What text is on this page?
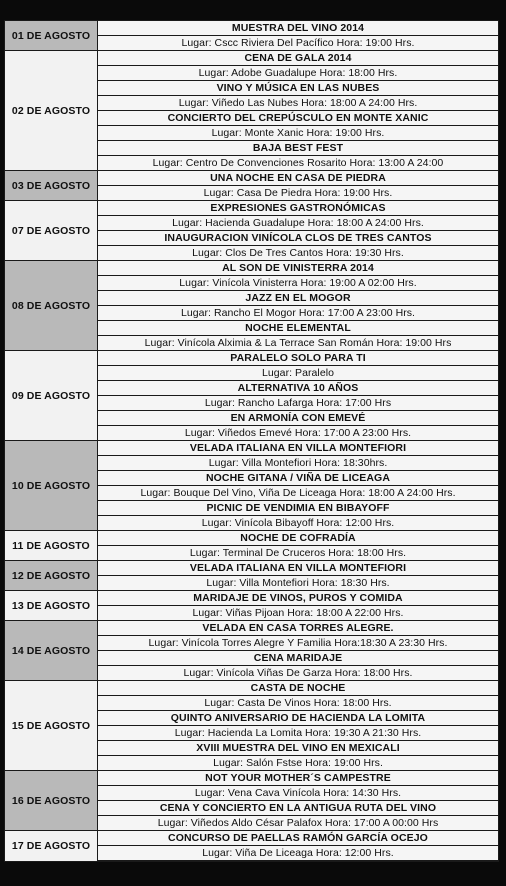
01 DE AGOSTO	MUESTRA DEL VINO 2014
	Lugar: Cscc Riviera Del Pacífico Hora: 19:00 Hrs.
02 DE AGOSTO	CENA DE GALA 2014
	Lugar: Adobe Guadalupe Hora: 18:00 Hrs.
	VINO Y MÚSICA EN LAS NUBES
	Lugar: Viñedo Las Nubes Hora: 18:00 A 24:00 Hrs.
	CONCIERTO DEL CREPÚSCULO EN MONTE XANIC
	Lugar: Monte Xanic Hora: 19:00 Hrs.
	BAJA BEST FEST
	Lugar: Centro De Convenciones Rosarito Hora: 13:00 A 24:00
03 DE AGOSTO	UNA NOCHE EN CASA DE PIEDRA
	Lugar: Casa De Piedra Hora: 19:00 Hrs.
07 DE AGOSTO	EXPRESIONES GASTRONÓMICAS
	Lugar: Hacienda Guadalupe Hora: 18:00 A 24:00 Hrs.
	INAUGURACION VINÍCOLA CLOS DE TRES CANTOS
	Lugar: Clos De Tres Cantos Hora: 19:30 Hrs.
08 DE AGOSTO	AL SON DE VINISTERRA 2014
	Lugar: Vinícola Vinisterra Hora: 19:00 A 02:00 Hrs.
	JAZZ EN EL MOGOR
	Lugar: Rancho El Mogor Hora: 17:00 A 23:00 Hrs.
	NOCHE ELEMENTAL
	Lugar: Vinícola Alximia & La Terrace San Román Hora: 19:00 Hrs
09 DE AGOSTO	PARALELO SOLO PARA TI
	Lugar: Paralelo
	ALTERNATIVA 10 AÑOS
	Lugar: Rancho Lafarga Hora: 17:00 Hrs
	EN ARMONÍA CON EMEVÉ
	Lugar: Viñedos Emevé Hora: 17:00 A 23:00 Hrs.
10 DE AGOSTO	VELADA ITALIANA EN VILLA MONTEFIORI
	Lugar: Villa Montefiori Hora: 18:30hrs.
	NOCHE GITANA / VIÑA DE LICEAGA
	Lugar: Bouque Del Vino, Viña De Liceaga Hora: 18:00 A 24:00 Hrs.
	PICNIC DE VENDIMIA EN BIBAYOFF
	Lugar: Vinícola Bibayoff Hora: 12:00 Hrs.
11 DE AGOSTO	NOCHE DE COFRADÍA
	Lugar: Terminal De Cruceros Hora: 18:00 Hrs.
12 DE AGOSTO	VELADA ITALIANA EN VILLA MONTEFIORI
	Lugar: Villa Montefiori Hora: 18:30 Hrs.
13 DE AGOSTO	MARIDAJE DE VINOS, PUROS Y COMIDA
	Lugar: Viñas Pijoan Hora: 18:00 A 22:00 Hrs.
14 DE AGOSTO	VELADA EN CASA TORRES ALEGRE.
	Lugar: Vinícola Torres Alegre Y Familia Hora:18:30 A 23:30 Hrs.
	CENA MARIDAJE
	Lugar: Vinícola Viñas De Garza Hora: 18:00 Hrs.
15 DE AGOSTO	CASTA DE NOCHE
	Lugar: Casta De Vinos Hora: 18:00 Hrs.
	QUINTO ANIVERSARIO DE HACIENDA LA LOMITA
	Lugar: Hacienda La Lomita Hora: 19:30 A 21:30 Hrs.
	XVIII MUESTRA DEL VINO EN MEXICALI
	Lugar: Salón Fstse Hora: 19:00 Hrs.
16 DE AGOSTO	NOT YOUR MOTHER´S CAMPESTRE
	Lugar: Vena Cava Vinícola Hora: 14:30 Hrs.
	CENA Y CONCIERTO EN LA ANTIGUA RUTA DEL VINO
	Lugar: Viñedos Aldo César Palafox Hora: 17:00 A 00:00 Hrs
17 DE AGOSTO	CONCURSO DE PAELLAS RAMÓN GARCÍA OCEJO
	Lugar: Viña De Liceaga Hora: 12:00 Hrs.
